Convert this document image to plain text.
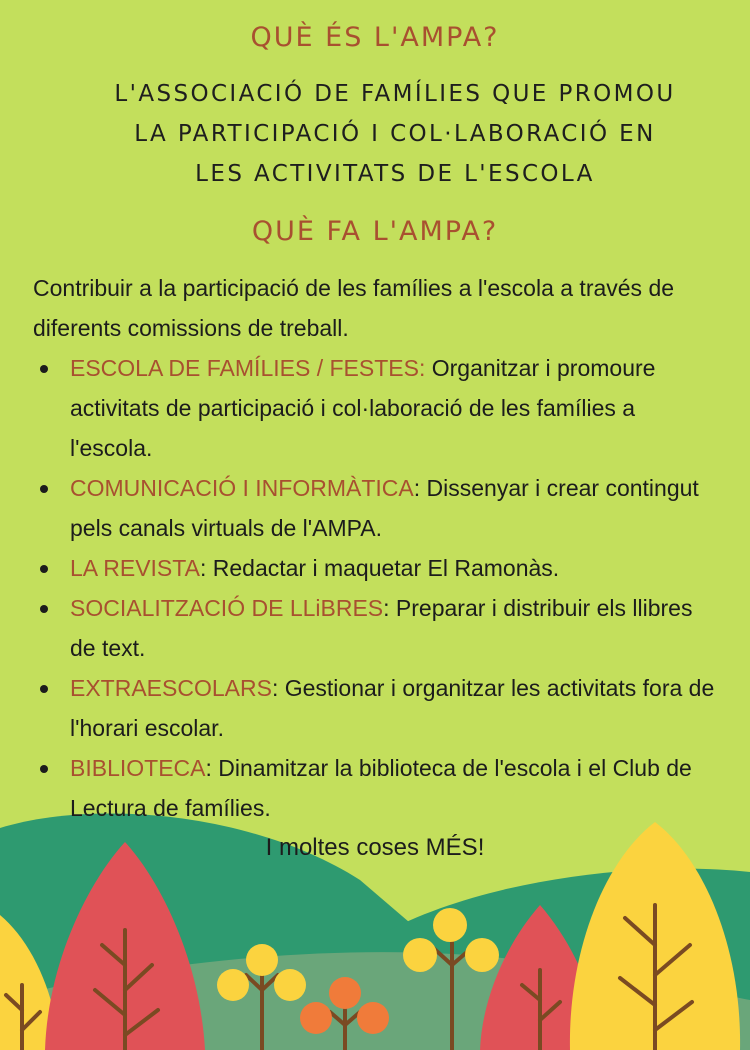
QUÈ ÉS L'AMPA?
L'ASSOCIACIÓ DE FAMÍLIES QUE PROMOU
LA PARTICIPACIÓ I COL·LABORACIÓ EN
LES ACTIVITATS DE L'ESCOLA
QUÈ FA L'AMPA?

Contribuir a la participació de les famílies a l'escola a través de diferents comissions de treball.

ESCOLA DE FAMÍLIES / FESTES: Organitzar i promoure activitats de participació i col·laboració de les famílies a l'escola.
COMUNICACIÓ I INFORMÀTICA: Dissenyar i crear contingut pels canals virtuals de l'AMPA.
LA REVISTA: Redactar i maquetar El Ramonàs.
SOCIALITZACIÓ DE LLiBRES: Preparar i distribuir els llibres de text.
EXTRAESCOLARS: Gestionar i organitzar les activitats fora de l'horari escolar.
BIBLIOTECA: Dinamitzar la biblioteca de l'escola i el Club de Lectura de famílies.

I moltes coses MÉS!
